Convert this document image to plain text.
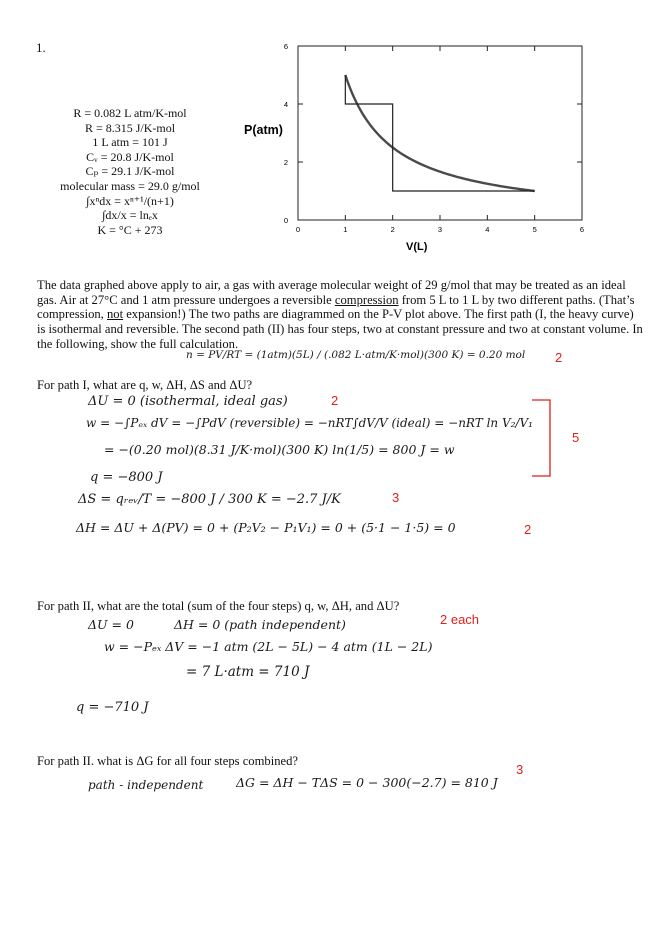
1.
R = 0.082 L atm/K-mol
R = 8.315 J/K-mol
1 L atm = 101 J
Cᵥ = 20.8 J/K-mol
Cₚ = 29.1 J/K-mol
molecular mass = 29.0 g/mol
∫xⁿdx = xⁿ⁺¹/(n+1)
∫dx/x = lnₑx
K = °C + 273
P(atm)
V(L)
0	1	2	3	4	5	6
0
2
4
6
The data graphed above apply to air, a gas with average molecular weight of 29 g/mol that may be treated as an ideal gas. Air at 27°C and 1 atm pressure undergoes a reversible compression from 5 L to 1 L by two different paths. (That’s compression, not expansion!) The two paths are diagrammed on the P-V plot above. The first path (I, the heavy curve) is isothermal and reversible. The second path (II) has four steps, two at constant pressure and two at constant volume. In the following, show the full calculation.
n = PV/RT = (1atm)(5L) / (.082 L·atm/K·mol)(300 K) = 0.20 mol 2
For path I, what are q, w, ΔH, ΔS and ΔU?
ΔU = 0 (isothermal, ideal gas)	2
w = −∫Pₑₓ dV = −∫PdV (reversible) = −nRT∫dV/V (ideal) = −nRT ln V₂/V₁
= −(0.20 mol)(8.31 J/K·mol)(300 K) ln(1/5) = 800 J = w
5
q = −800 J
ΔS = qᵣₑᵥ/T = −800 J / 300 K = −2.7 J/K	3
ΔH = ΔU + Δ(PV) = 0 + (P₂V₂ − P₁V₁) = 0 + (5·1 − 1·5) = 0	2
For path II, what are the total (sum of the four steps) q, w, ΔH, and ΔU?
ΔU = 0	ΔH = 0 (path independent)	2 each
w = −Pₑₓ ΔV = −1 atm (2L − 5L) − 4 atm (1L − 2L)
= 7 L·atm = 710 J
q = −710 J
For path II. what is ΔG for all four steps combined?
path - independent	ΔG = ΔH − TΔS = 0 − 300(−2.7) = 810 J
3
